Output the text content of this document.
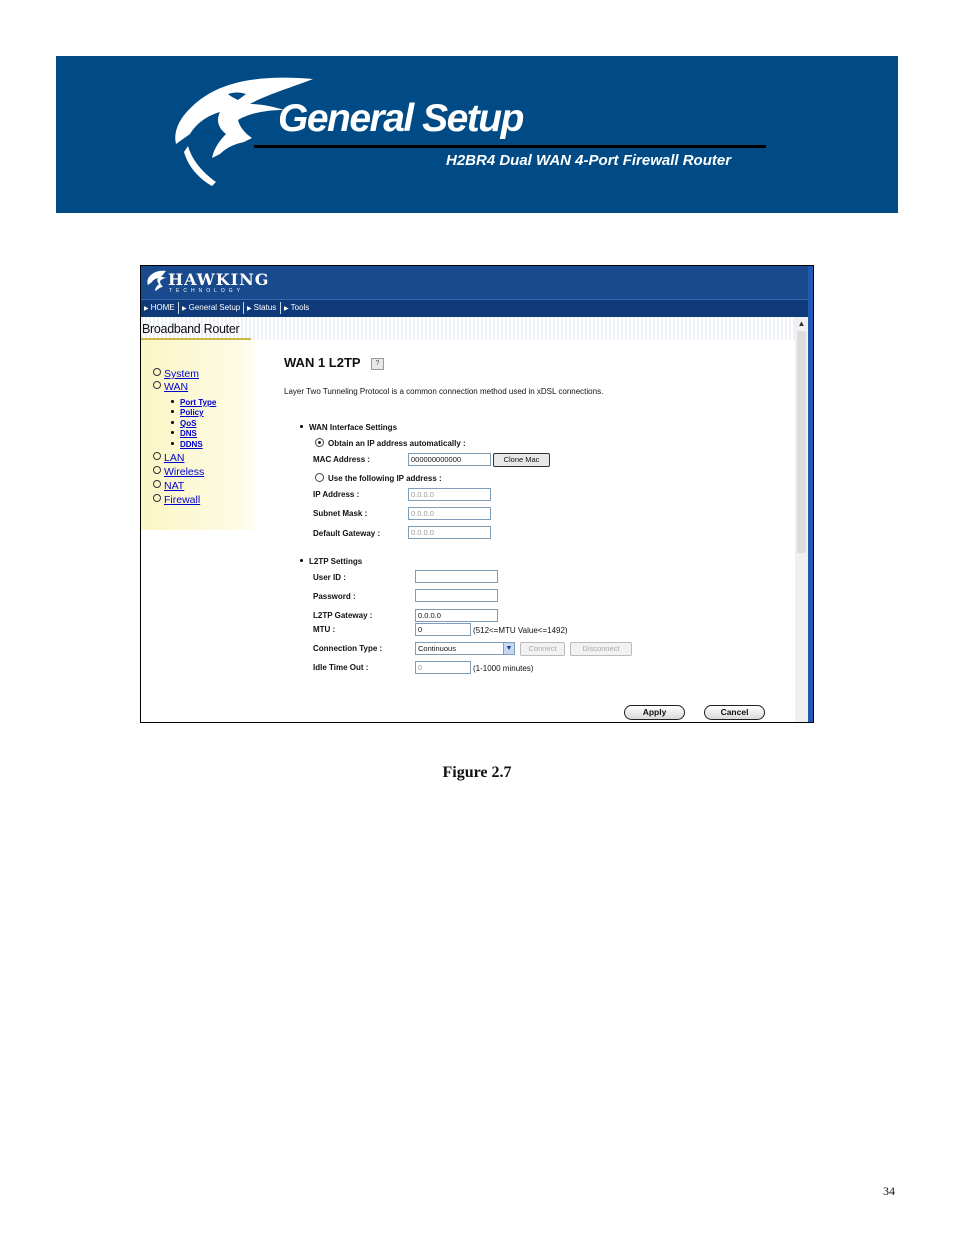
General Setup
H2BR4 Dual WAN 4-Port Firewall Router
HAWKING
TECHNOLOGY
▶ HOME ▶ General Setup ▶ Status ▶ Tools
Broadband Router
System
WAN
Port Type
Policy
QoS
DNS
DDNS
LAN
Wireless
NAT
Firewall
▲
WAN 1 L2TP	?
Layer Two Tunneling Protocol is a common connection method used in xDSL connections.
WAN Interface Settings
Obtain an IP address automatically :
MAC Address :	000000000000	Clone Mac
Use the following IP address :
IP Address :	0.0.0.0
Subnet Mask :	0.0.0.0
Default Gateway :	0.0.0.0
L2TP Settings
User ID :
Password :
L2TP Gateway :	0.0.0.0
MTU :	0	(512<=MTU Value<=1492)
Connection Type :	Continuous	▼	Connect	Disconnect
Idle Time Out :	0	(1-1000 minutes)
Apply	Cancel
Figure 2.7
34
